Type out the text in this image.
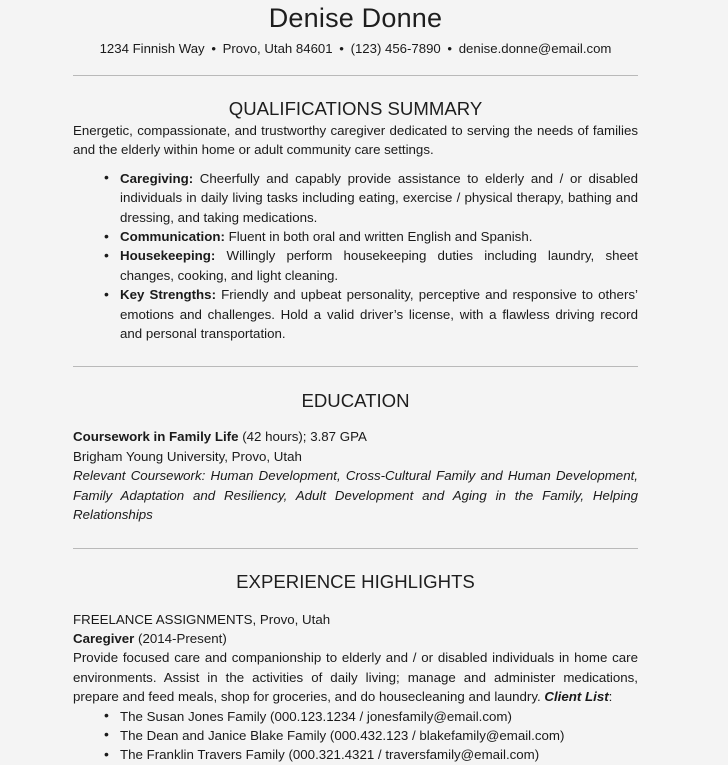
Denise Donne
1234 Finnish Way • Provo, Utah 84601 • (123) 456-7890 • denise.donne@email.com
QUALIFICATIONS SUMMARY

Energetic, compassionate, and trustworthy caregiver dedicated to serving the needs of families and the elderly within home or adult community care settings.

• Caregiving: Cheerfully and capably provide assistance to elderly and / or disabled individuals in daily living tasks including eating, exercise / physical therapy, bathing and dressing, and taking medications.
• Communication: Fluent in both oral and written English and Spanish.
• Housekeeping: Willingly perform housekeeping duties including laundry, sheet changes, cooking, and light cleaning.
• Key Strengths: Friendly and upbeat personality, perceptive and responsive to others’ emotions and challenges. Hold a valid driver’s license, with a flawless driving record and personal transportation.
EDUCATION
Coursework in Family Life (42 hours); 3.87 GPA
Brigham Young University, Provo, Utah

Relevant Coursework: Human Development, Cross-Cultural Family and Human Development, Family Adaptation and Resiliency, Adult Development and Aging in the Family, Helping Relationships

EXPERIENCE HIGHLIGHTS
FREELANCE ASSIGNMENTS, Provo, Utah
Caregiver (2014-Present)

Provide focused care and companionship to elderly and / or disabled individuals in home care environments. Assist in the activities of daily living; manage and administer medications, prepare and feed meals, shop for groceries, and do housecleaning and laundry. Client List:

• The Susan Jones Family (000.123.1234 / jonesfamily@email.com)
• The Dean and Janice Blake Family (000.432.123 / blakefamily@email.com)
• The Franklin Travers Family (000.321.4321 / traversfamily@email.com)
